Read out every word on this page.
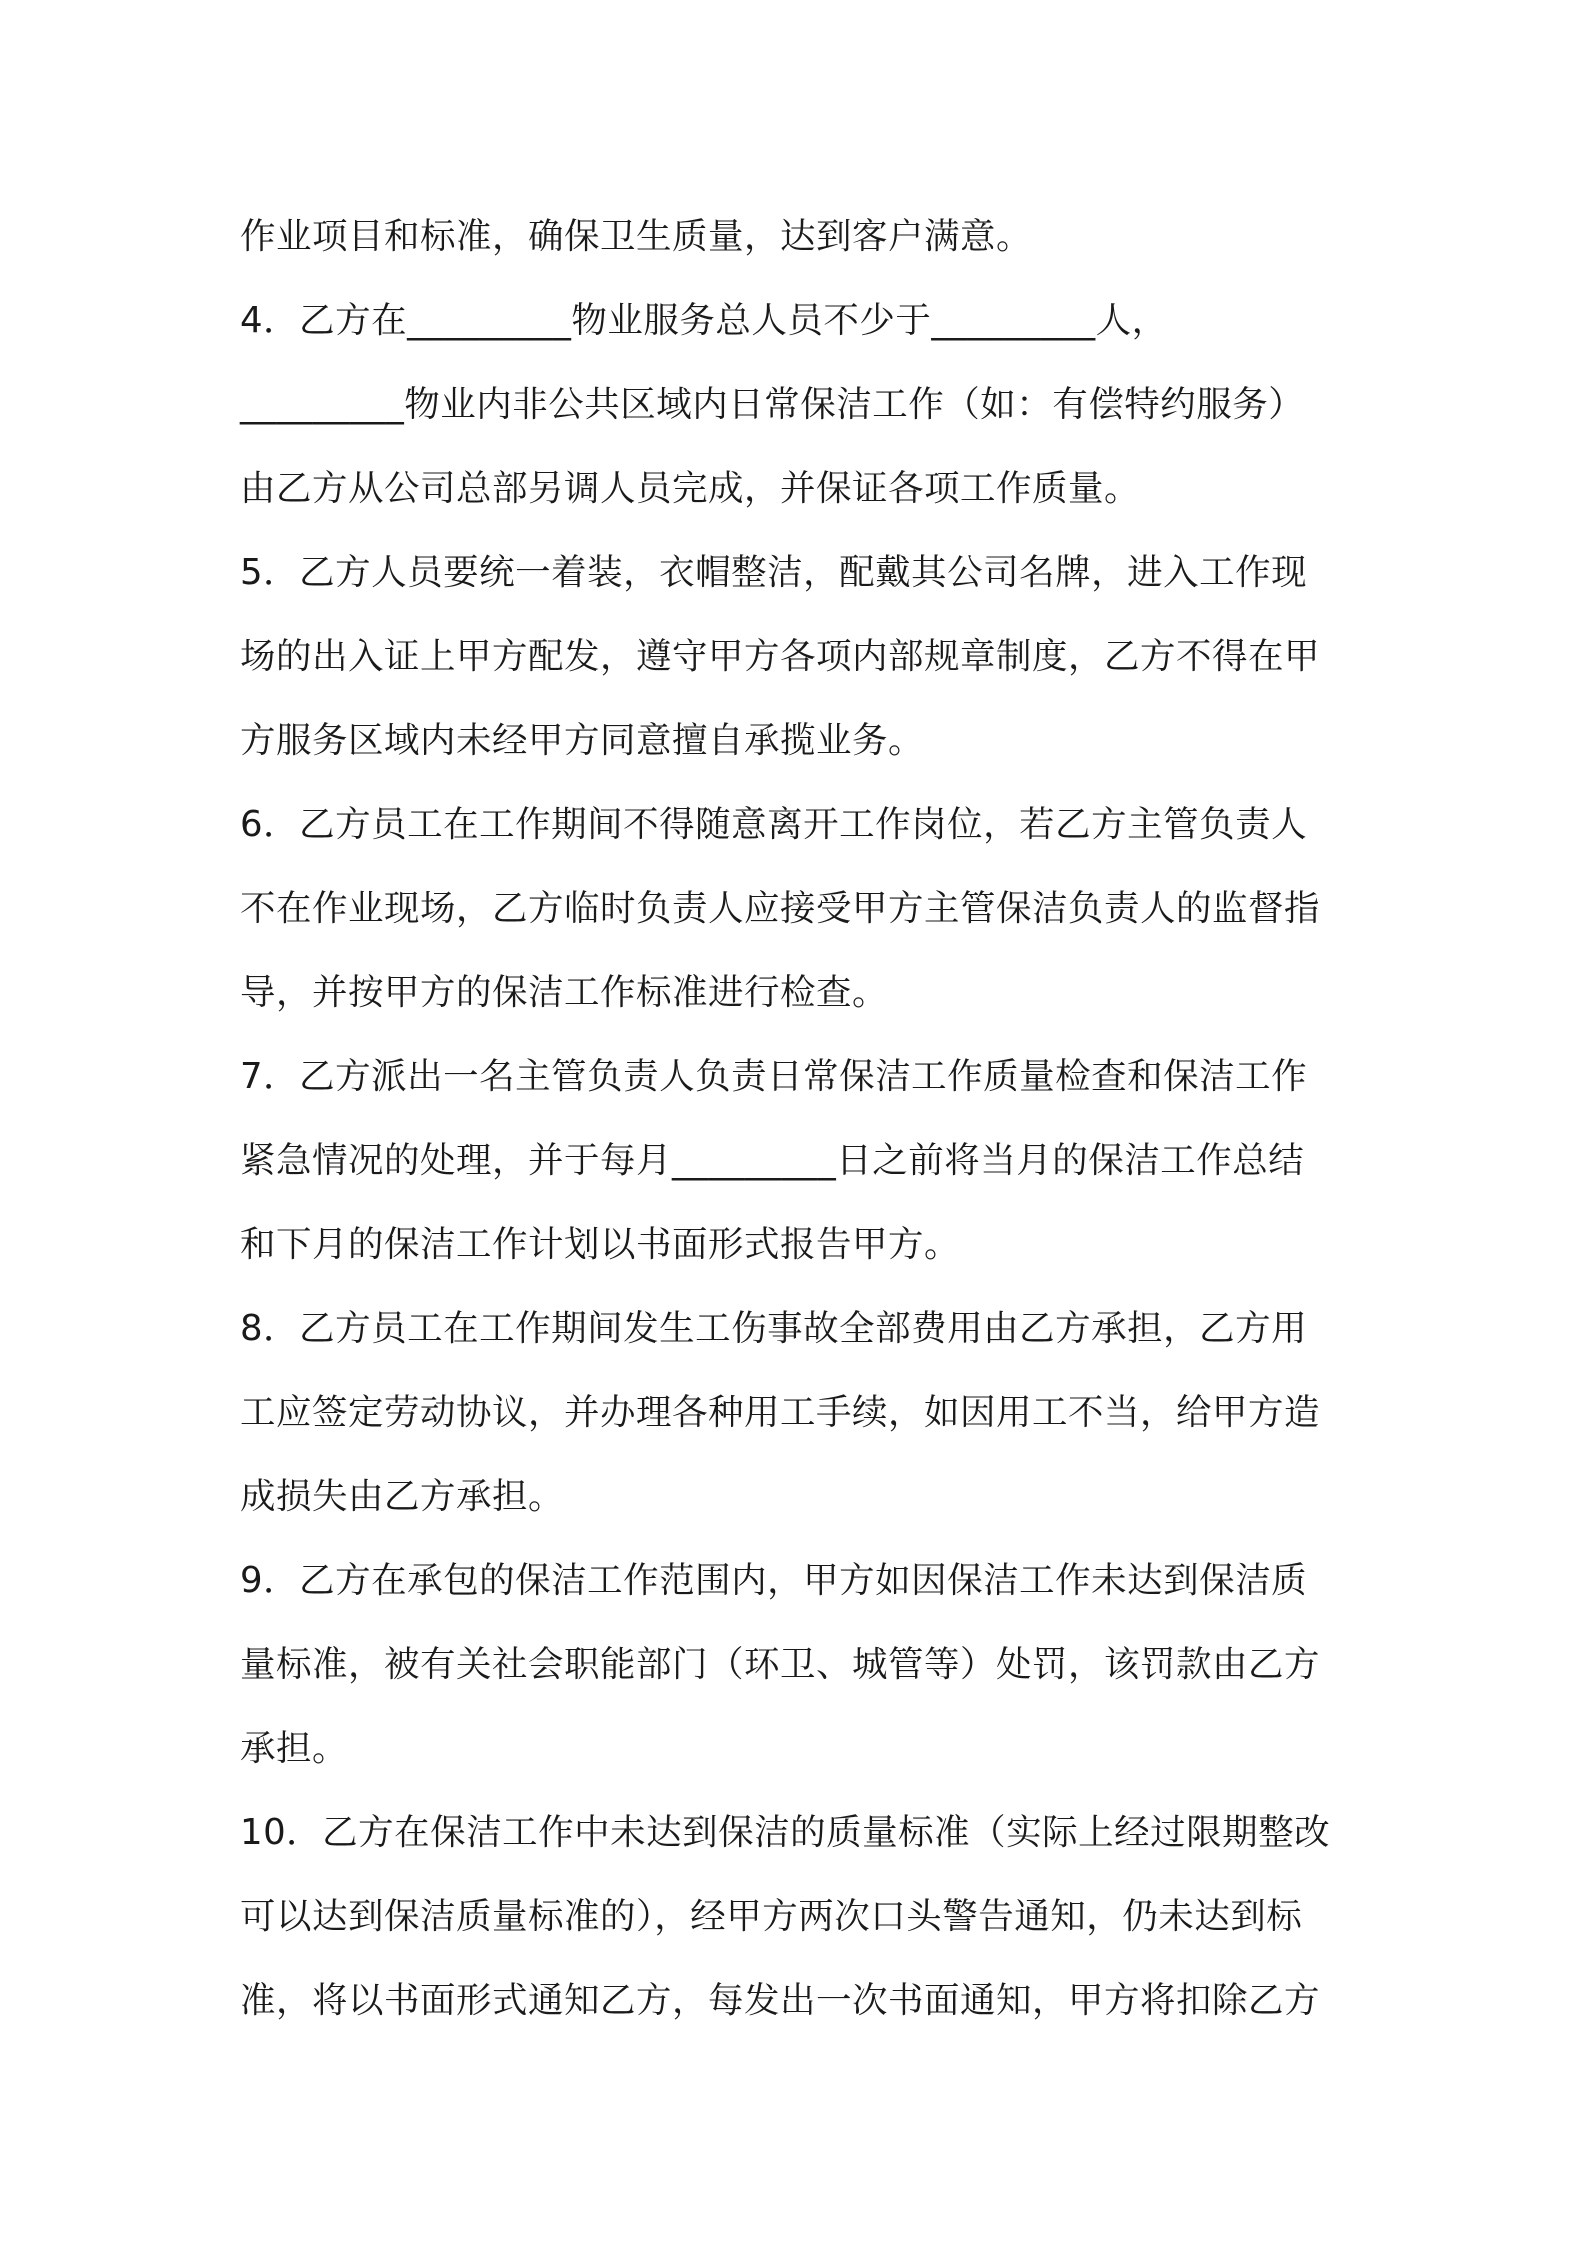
作业项目和标准，确保卫生质量，达到客户满意。
4．乙方在_________物业服务总人员不少于_________人，
_________物业内非公共区域内日常保洁工作（如：有偿特约服务）
由乙方从公司总部另调人员完成，并保证各项工作质量。
5．乙方人员要统一着装，衣帽整洁，配戴其公司名牌，进入工作现
场的出入证上甲方配发，遵守甲方各项内部规章制度，乙方不得在甲
方服务区域内未经甲方同意擅自承揽业务。
6．乙方员工在工作期间不得随意离开工作岗位，若乙方主管负责人
不在作业现场，乙方临时负责人应接受甲方主管保洁负责人的监督指
导，并按甲方的保洁工作标准进行检查。
7．乙方派出一名主管负责人负责日常保洁工作质量检查和保洁工作
紧急情况的处理，并于每月_________日之前将当月的保洁工作总结
和下月的保洁工作计划以书面形式报告甲方。
8．乙方员工在工作期间发生工伤事故全部费用由乙方承担，乙方用
工应签定劳动协议，并办理各种用工手续，如因用工不当，给甲方造
成损失由乙方承担。
9．乙方在承包的保洁工作范围内，甲方如因保洁工作未达到保洁质
量标准，被有关社会职能部门（环卫、城管等）处罚，该罚款由乙方
承担。
10．乙方在保洁工作中未达到保洁的质量标准（实际上经过限期整改
可以达到保洁质量标准的），经甲方两次口头警告通知，仍未达到标
准，将以书面形式通知乙方，每发出一次书面通知，甲方将扣除乙方
